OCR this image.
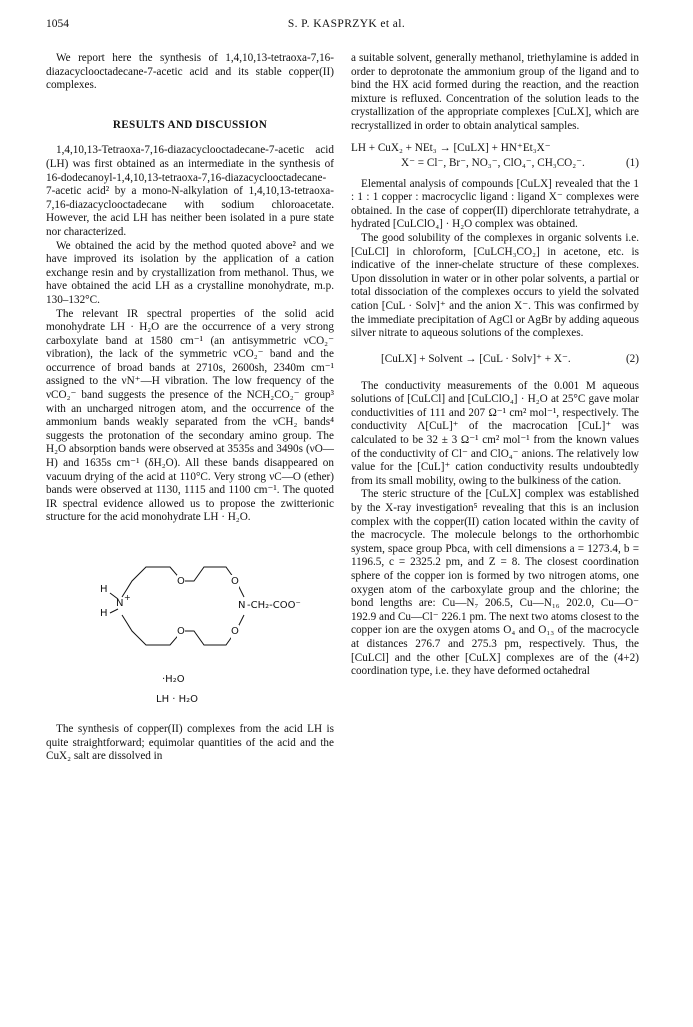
1054	S. P. KASPRZYK et al.

We report here the synthesis of 1,4,10,13-tetraoxa-7,16-diazacyclooctadecane-7-acetic acid and its stable copper(II) complexes.

RESULTS AND DISCUSSION

1,4,10,13-Tetraoxa-7,16-diazacyclooctadecane-7-acetic acid (LH) was first obtained as an intermediate in the synthesis of 16-dodecanoyl-1,4,10,13-tetraoxa-7,16-diazacyclooctadecane-7-acetic acid² by a mono-N-alkylation of 1,4,10,13-tetraoxa-7,16-diazacyclooctadecane with sodium chloroacetate. However, the acid LH has neither been isolated in a pure state nor characterized.

We obtained the acid by the method quoted above² and we have improved its isolation by the application of a cation exchange resin and by crystallization from methanol. Thus, we have obtained the acid LH as a crystalline monohydrate, m.p. 130–132°C.

The relevant IR spectral properties of the solid acid monohydrate LH · H₂O are the occurrence of a very strong carboxylate band at 1580 cm⁻¹ (an antisymmetric νCO₂⁻ vibration), the lack of the symmetric νCO₂⁻ band and the occurrence of broad bands at 2710s, 2600sh, 2340m cm⁻¹ assigned to the νN⁺—H vibration. The low frequency of the νCO₂⁻ band suggests the presence of the NCH₂CO₂⁻ group³ with an uncharged nitrogen atom, and the occurrence of the ammonium bands weakly separated from the νCH₂ bands⁴ suggests the protonation of the secondary amino group. The H₂O absorption bands were observed at 3535s and 3490s (νO—H) and 1635s cm⁻¹ (δH₂O). All these bands disappeared on vacuum drying of the acid at 110°C. Very strong νC—O (ether) bands were observed at 1130, 1115 and 1100 cm⁻¹. The quoted IR spectral evidence allowed us to propose the zwitterionic structure for the acid monohydrate LH · H₂O.

H
H
N
+
N -CH₂-COO⁻
O	O
O	O
·H₂O
LH · H₂O

The synthesis of copper(II) complexes from the acid LH is quite straightforward; equimolar quantities of the acid and the CuX₂ salt are dissolved in

a suitable solvent, generally methanol, triethylamine is added in order to deprotonate the ammonium group of the ligand and to bind the HX acid formed during the reaction, and the reaction mixture is refluxed. Concentration of the solution leads to the crystallization of the appropriate complexes [CuLX], which are recrystallized in order to obtain analytical samples.

LH + CuX₂ + NEt₃ → [CuLX] + HN⁺Et₃X⁻
X⁻ = Cl⁻, Br⁻, NO₃⁻, ClO₄⁻, CH₃CO₂⁻.	(1)

Elemental analysis of compounds [CuLX] revealed that the 1 : 1 : 1 copper : macrocyclic ligand : ligand X⁻ complexes were obtained. In the case of copper(II) diperchlorate tetrahydrate, a hydrated [CuLClO₄] · H₂O complex was obtained.

The good solubility of the complexes in organic solvents i.e. [CuLCl] in chloroform, [CuLCH₃CO₂] in acetone, etc. is indicative of the inner-chelate structure of these complexes. Upon dissolution in water or in other polar solvents, a partial or total dissociation of the complexes occurs to yield the solvated cation [CuL · Solv]⁺ and the anion X⁻. This was confirmed by the immediate precipitation of AgCl or AgBr by adding aqueous silver nitrate to aqueous solutions of the complexes.

[CuLX] + Solvent → [CuL · Solv]⁺ + X⁻.	(2)

The conductivity measurements of the 0.001 M aqueous solutions of [CuLCl] and [CuLClO₄] · H₂O at 25°C gave molar conductivities of 111 and 207 Ω⁻¹ cm² mol⁻¹, respectively. The conductivity Λ[CuL]⁺ of the macrocation [CuL]⁺ was calculated to be 32 ± 3 Ω⁻¹ cm² mol⁻¹ from the known values of the conductivity of Cl⁻ and ClO₄⁻ anions. The relatively low value for the [CuL]⁺ cation conductivity results undoubtedly from its small mobility, owing to the bulkiness of the cation.

The steric structure of the [CuLX] complex was established by the X-ray investigation⁵ revealing that this is an inclusion complex with the copper(II) cation located within the cavity of the macrocycle. The molecule belongs to the orthorhombic system, space group Pbca, with cell dimensions a = 1273.4, b = 1196.5, c = 2325.2 pm, and Z = 8. The closest coordination sphere of the copper ion is formed by two nitrogen atoms, one oxygen atom of the carboxylate group and the chlorine; the bond lengths are: Cu—N₇ 206.5, Cu—N₁₆ 202.0, Cu—O⁻ 192.9 and Cu—Cl⁻ 226.1 pm. The next two atoms closest to the copper ion are the oxygen atoms O₄ and O₁₃ of the macrocycle at distances 276.7 and 275.3 pm, respectively. Thus, the [CuLCl] and the other [CuLX] complexes are of the (4+2) coordination type, i.e. they have deformed octahedral
